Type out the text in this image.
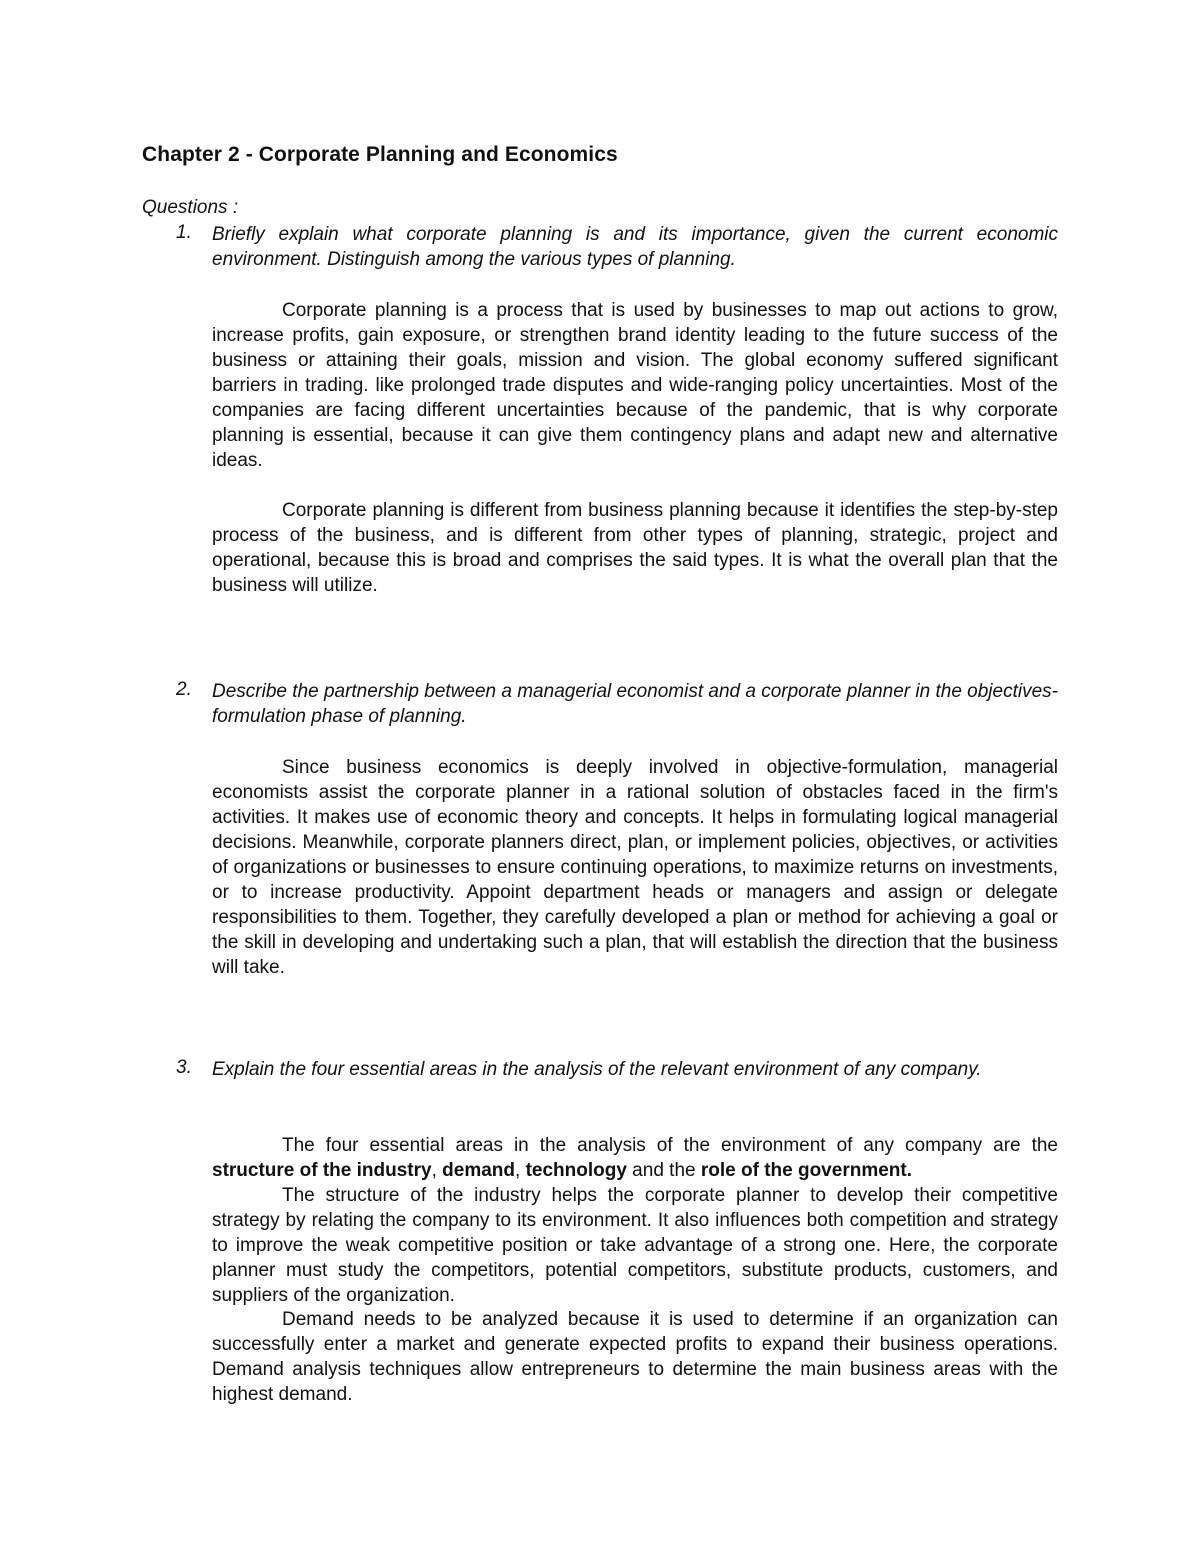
Chapter 2 - Corporate Planning and Economics
Questions :
1. Briefly explain what corporate planning is and its importance, given the current economic environment. Distinguish among the various types of planning.
Corporate planning is a process that is used by businesses to map out actions to grow, increase profits, gain exposure, or strengthen brand identity leading to the future success of the business or attaining their goals, mission and vision. The global economy suffered significant barriers in trading. like prolonged trade disputes and wide-ranging policy uncertainties. Most of the companies are facing different uncertainties because of the pandemic, that is why corporate planning is essential, because it can give them contingency plans and adapt new and alternative ideas.
Corporate planning is different from business planning because it identifies the step-by-step process of the business, and is different from other types of planning, strategic, project and operational, because this is broad and comprises the said types. It is what the overall plan that the business will utilize.
2. Describe the partnership between a managerial economist and a corporate planner in the objectives-formulation phase of planning.
Since business economics is deeply involved in objective-formulation, managerial economists assist the corporate planner in a rational solution of obstacles faced in the firm's activities. It makes use of economic theory and concepts. It helps in formulating logical managerial decisions. Meanwhile, corporate planners direct, plan, or implement policies, objectives, or activities of organizations or businesses to ensure continuing operations, to maximize returns on investments, or to increase productivity. Appoint department heads or managers and assign or delegate responsibilities to them. Together, they carefully developed a plan or method for achieving a goal or the skill in developing and undertaking such a plan, that will establish the direction that the business will take.
3. Explain the four essential areas in the analysis of the relevant environment of any company.
The four essential areas in the analysis of the environment of any company are the structure of the industry, demand, technology and the role of the government.
The structure of the industry helps the corporate planner to develop their competitive strategy by relating the company to its environment. It also influences both competition and strategy to improve the weak competitive position or take advantage of a strong one. Here, the corporate planner must study the competitors, potential competitors, substitute products, customers, and suppliers of the organization.
Demand needs to be analyzed because it is used to determine if an organization can successfully enter a market and generate expected profits to expand their business operations. Demand analysis techniques allow entrepreneurs to determine the main business areas with the highest demand.
